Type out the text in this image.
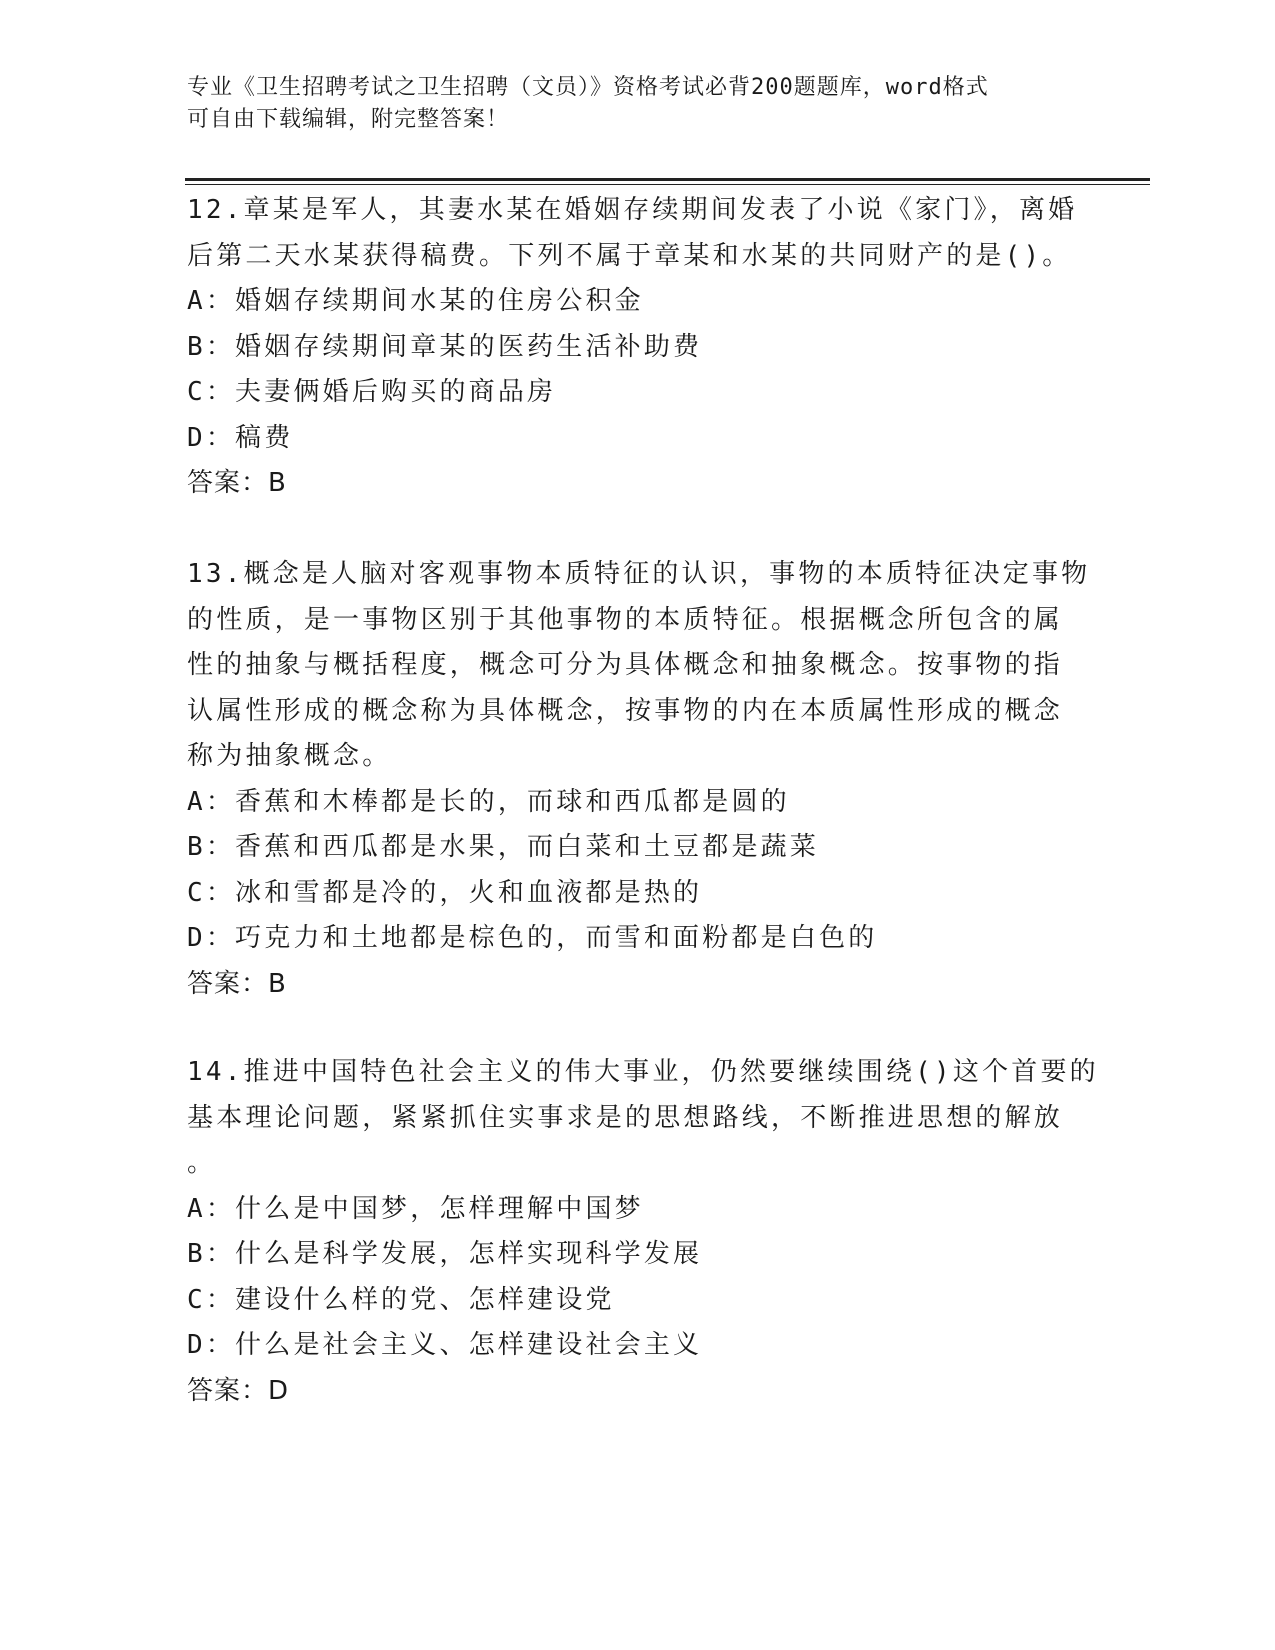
专业《卫生招聘考试之卫生招聘（文员）》资格考试必背200题题库，word格式
可自由下载编辑，附完整答案！
12.章某是军人，其妻水某在婚姻存续期间发表了小说《家门》，离婚
后第二天水某获得稿费。下列不属于章某和水某的共同财产的是()。
A：婚姻存续期间水某的住房公积金
B：婚姻存续期间章某的医药生活补助费
C：夫妻俩婚后购买的商品房
D：稿费
答案：B
13.概念是人脑对客观事物本质特征的认识，事物的本质特征决定事物
的性质，是一事物区别于其他事物的本质特征。根据概念所包含的属
性的抽象与概括程度，概念可分为具体概念和抽象概念。按事物的指
认属性形成的概念称为具体概念，按事物的内在本质属性形成的概念
称为抽象概念。
A：香蕉和木棒都是长的，而球和西瓜都是圆的
B：香蕉和西瓜都是水果，而白菜和土豆都是蔬菜
C：冰和雪都是冷的，火和血液都是热的
D：巧克力和土地都是棕色的，而雪和面粉都是白色的
答案：B
14.推进中国特色社会主义的伟大事业，仍然要继续围绕()这个首要的
基本理论问题，紧紧抓住实事求是的思想路线，不断推进思想的解放
。
A：什么是中国梦，怎样理解中国梦
B：什么是科学发展，怎样实现科学发展
C：建设什么样的党、怎样建设党
D：什么是社会主义、怎样建设社会主义
答案：D
